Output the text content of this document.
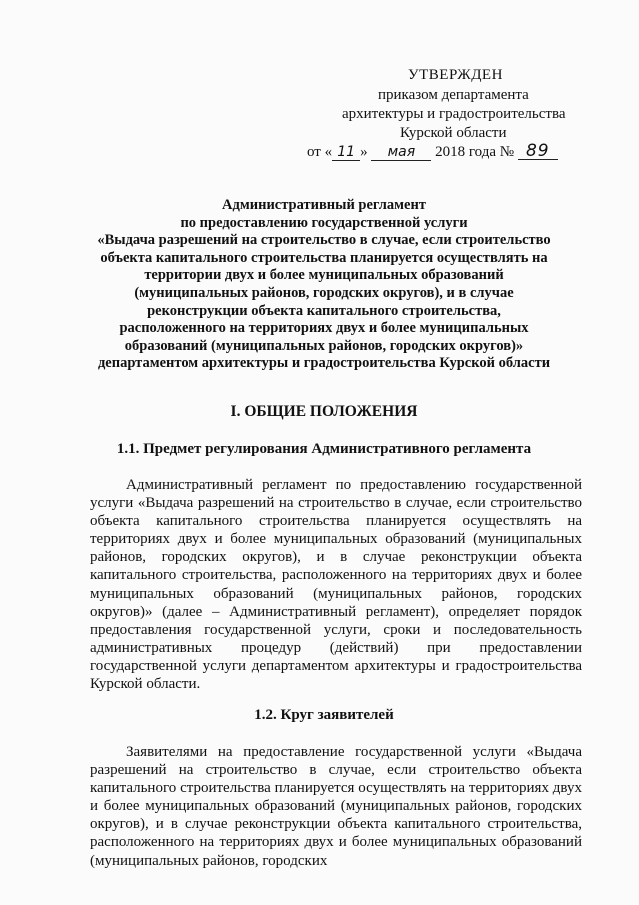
УТВЕРЖДЕН
приказом департамента
архитектуры и градостроительства
Курской области
от « 11 » мая 2018 года № 89
Административный регламент
по предоставлению государственной услуги
«Выдача разрешений на строительство в случае, если строительство
объекта капитального строительства планируется осуществлять на
территории двух и более муниципальных образований
(муниципальных районов, городских округов), и в случае
реконструкции объекта капитального строительства,
расположенного на территориях двух и более муниципальных
образований (муниципальных районов, городских округов)»
департаментом архитектуры и градостроительства Курской области
I. ОБЩИЕ ПОЛОЖЕНИЯ
1.1. Предмет регулирования Административного регламента
Административный регламент по предоставлению государственной услуги «Выдача разрешений на строительство в случае, если строительство объекта капитального строительства планируется осуществлять на территориях двух и более муниципальных образований (муниципальных районов, городских округов), и в случае реконструкции объекта капитального строительства, расположенного на территориях двух и более муниципальных образований (муниципальных районов, городских округов)» (далее – Административный регламент), определяет порядок предоставления государственной услуги, сроки и последовательность административных процедур (действий) при предоставлении государственной услуги департаментом архитектуры и градостроительства Курской области.
1.2. Круг заявителей
Заявителями на предоставление государственной услуги «Выдача разрешений на строительство в случае, если строительство объекта капитального строительства планируется осуществлять на территориях двух и более муниципальных образований (муниципальных районов, городских округов), и в случае реконструкции объекта капитального строительства, расположенного на территориях двух и более муниципальных образований (муниципальных районов, городских
